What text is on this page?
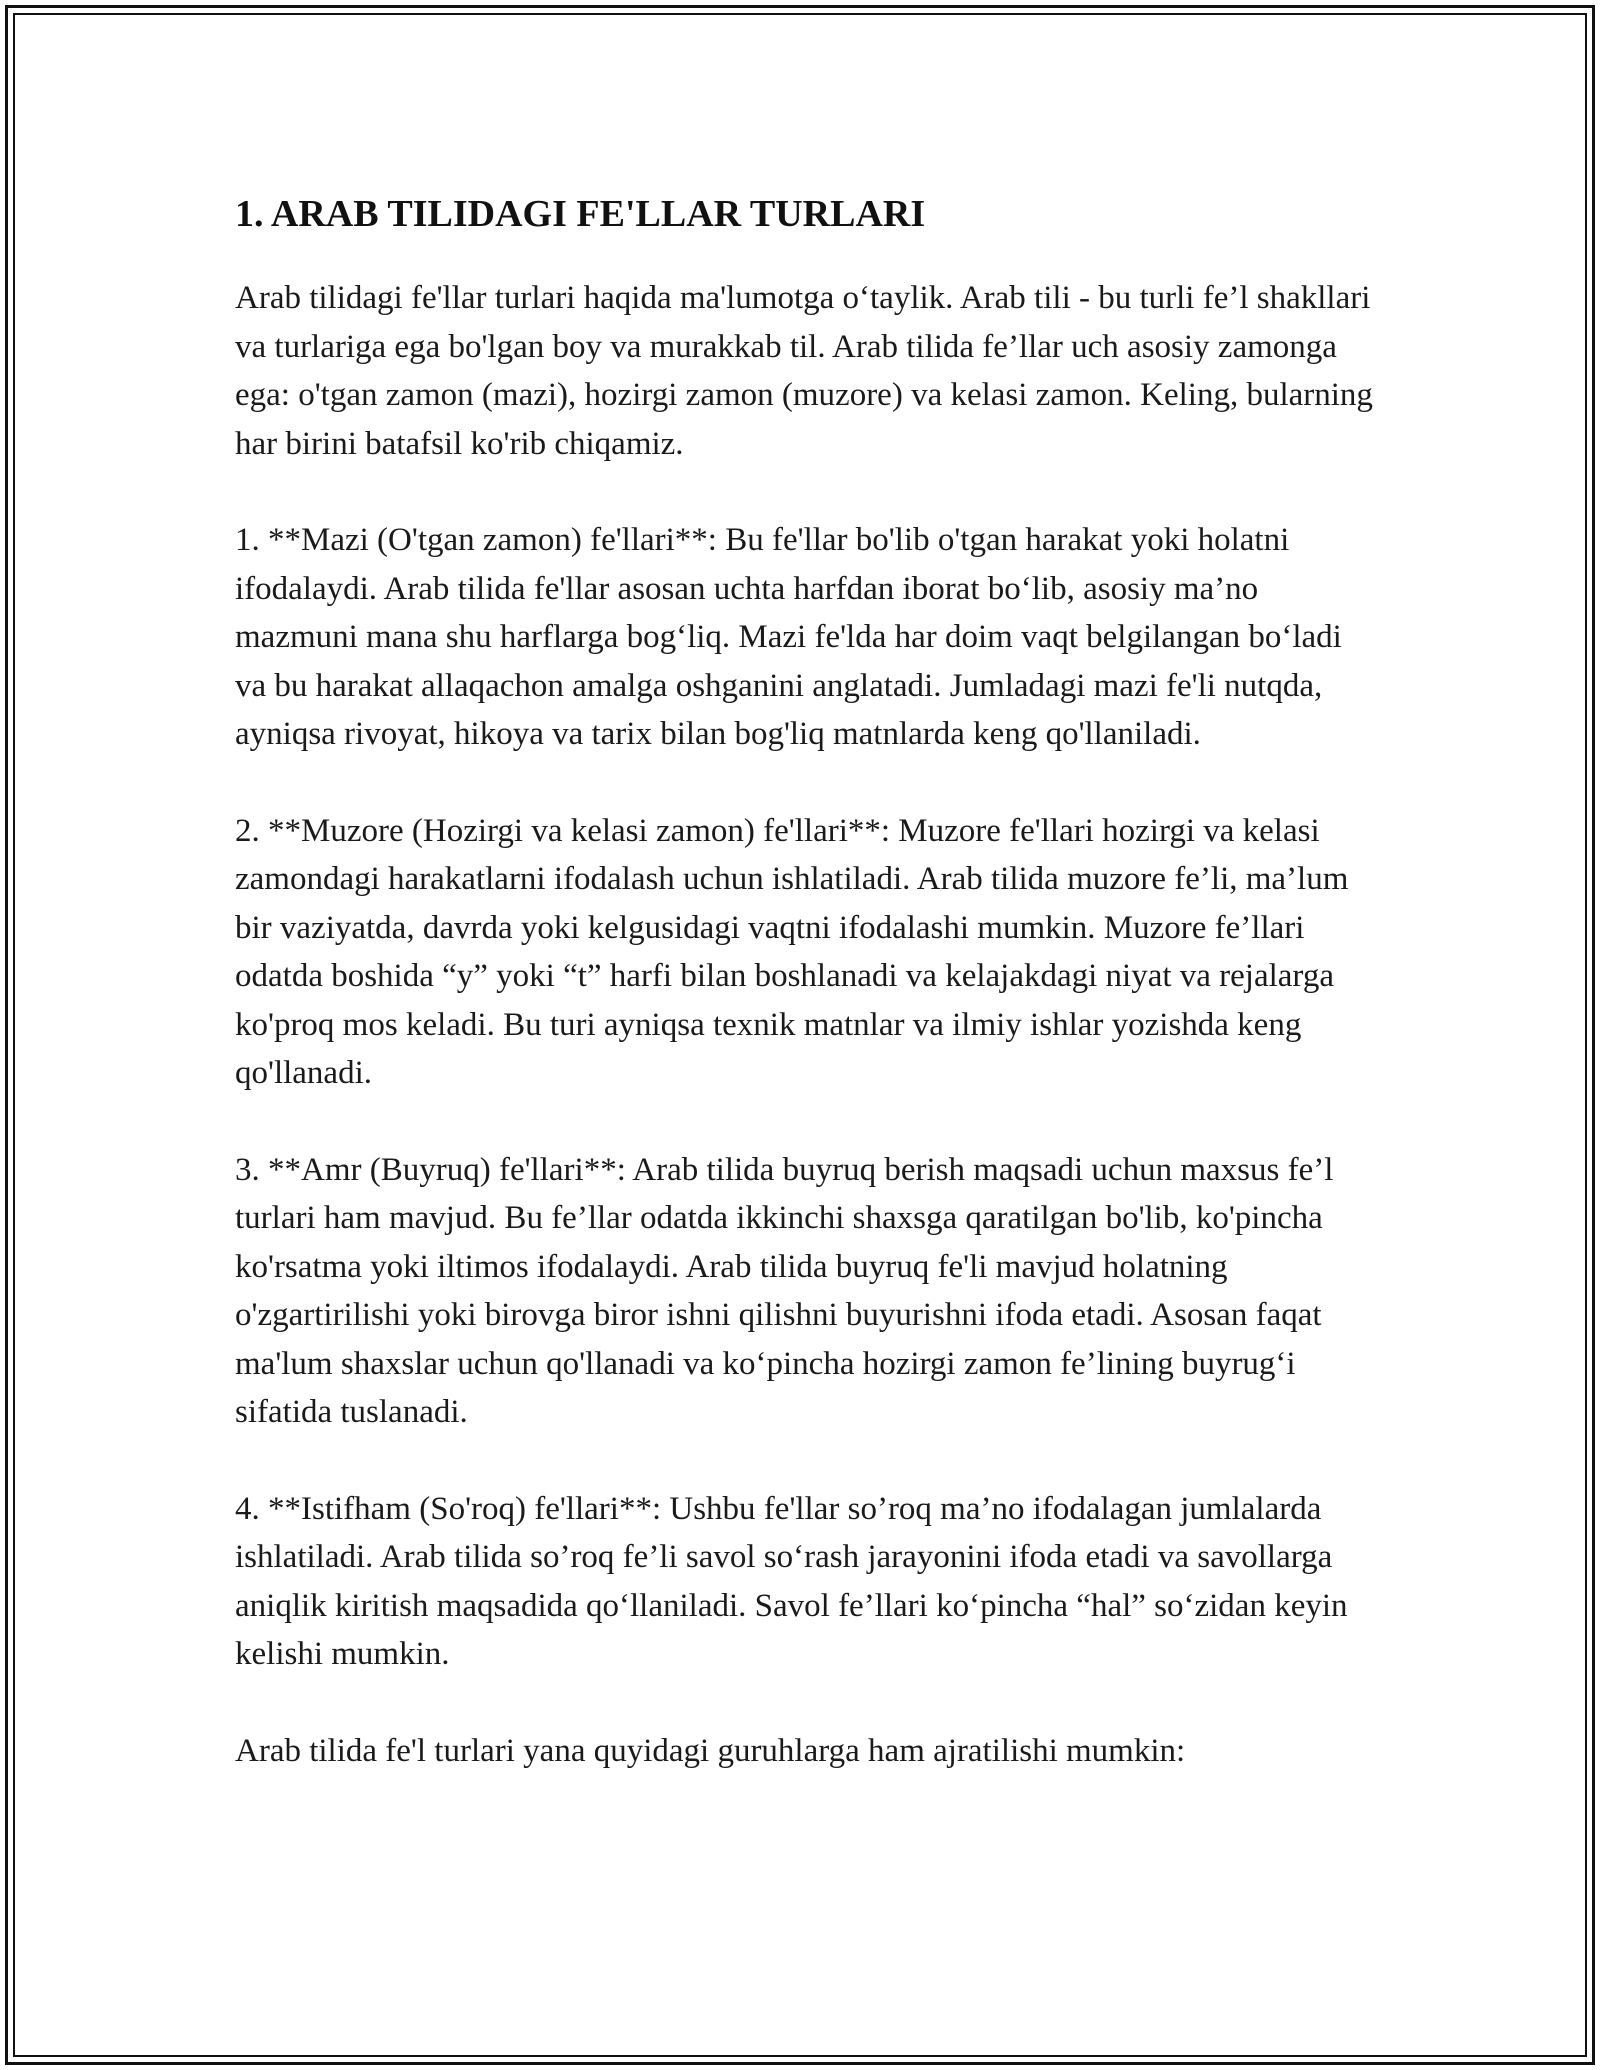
1. ARAB TILIDAGI FE'LLAR TURLARI

Arab tilidagi fe'llar turlari haqida ma'lumotga o‘taylik. Arab tili - bu turli fe’l shakllari va turlariga ega bo'lgan boy va murakkab til. Arab tilida fe’llar uch asosiy zamonga ega: o'tgan zamon (mazi), hozirgi zamon (muzore) va kelasi zamon. Keling, bularning har birini batafsil ko'rib chiqamiz.

1. **Mazi (O'tgan zamon) fe'llari**: Bu fe'llar bo'lib o'tgan harakat yoki holatni ifodalaydi. Arab tilida fe'llar asosan uchta harfdan iborat bo‘lib, asosiy ma’no mazmuni mana shu harflarga bog‘liq. Mazi fe'lda har doim vaqt belgilangan bo‘ladi va bu harakat allaqachon amalga oshganini anglatadi. Jumladagi mazi fe'li nutqda, ayniqsa rivoyat, hikoya va tarix bilan bog'liq matnlarda keng qo'llaniladi.

2. **Muzore (Hozirgi va kelasi zamon) fe'llari**: Muzore fe'llari hozirgi va kelasi zamondagi harakatlarni ifodalash uchun ishlatiladi. Arab tilida muzore fe’li, ma’lum bir vaziyatda, davrda yoki kelgusidagi vaqtni ifodalashi mumkin. Muzore fe’llari odatda boshida “y” yoki “t” harfi bilan boshlanadi va kelajakdagi niyat va rejalarga ko'proq mos keladi. Bu turi ayniqsa texnik matnlar va ilmiy ishlar yozishda keng qo'llanadi.

3. **Amr (Buyruq) fe'llari**: Arab tilida buyruq berish maqsadi uchun maxsus fe’l turlari ham mavjud. Bu fe’llar odatda ikkinchi shaxsga qaratilgan bo'lib, ko'pincha ko'rsatma yoki iltimos ifodalaydi. Arab tilida buyruq fe'li mavjud holatning o'zgartirilishi yoki birovga biror ishni qilishni buyurishni ifoda etadi. Asosan faqat ma'lum shaxslar uchun qo'llanadi va ko‘pincha hozirgi zamon fe’lining buyrug‘i sifatida tuslanadi.

4. **Istifham (So'roq) fe'llari**: Ushbu fe'llar so’roq ma’no ifodalagan jumlalarda ishlatiladi. Arab tilida so’roq fe’li savol so‘rash jarayonini ifoda etadi va savollarga aniqlik kiritish maqsadida qo‘llaniladi. Savol fe’llari ko‘pincha “hal” so‘zidan keyin kelishi mumkin.

Arab tilida fe'l turlari yana quyidagi guruhlarga ham ajratilishi mumkin:
